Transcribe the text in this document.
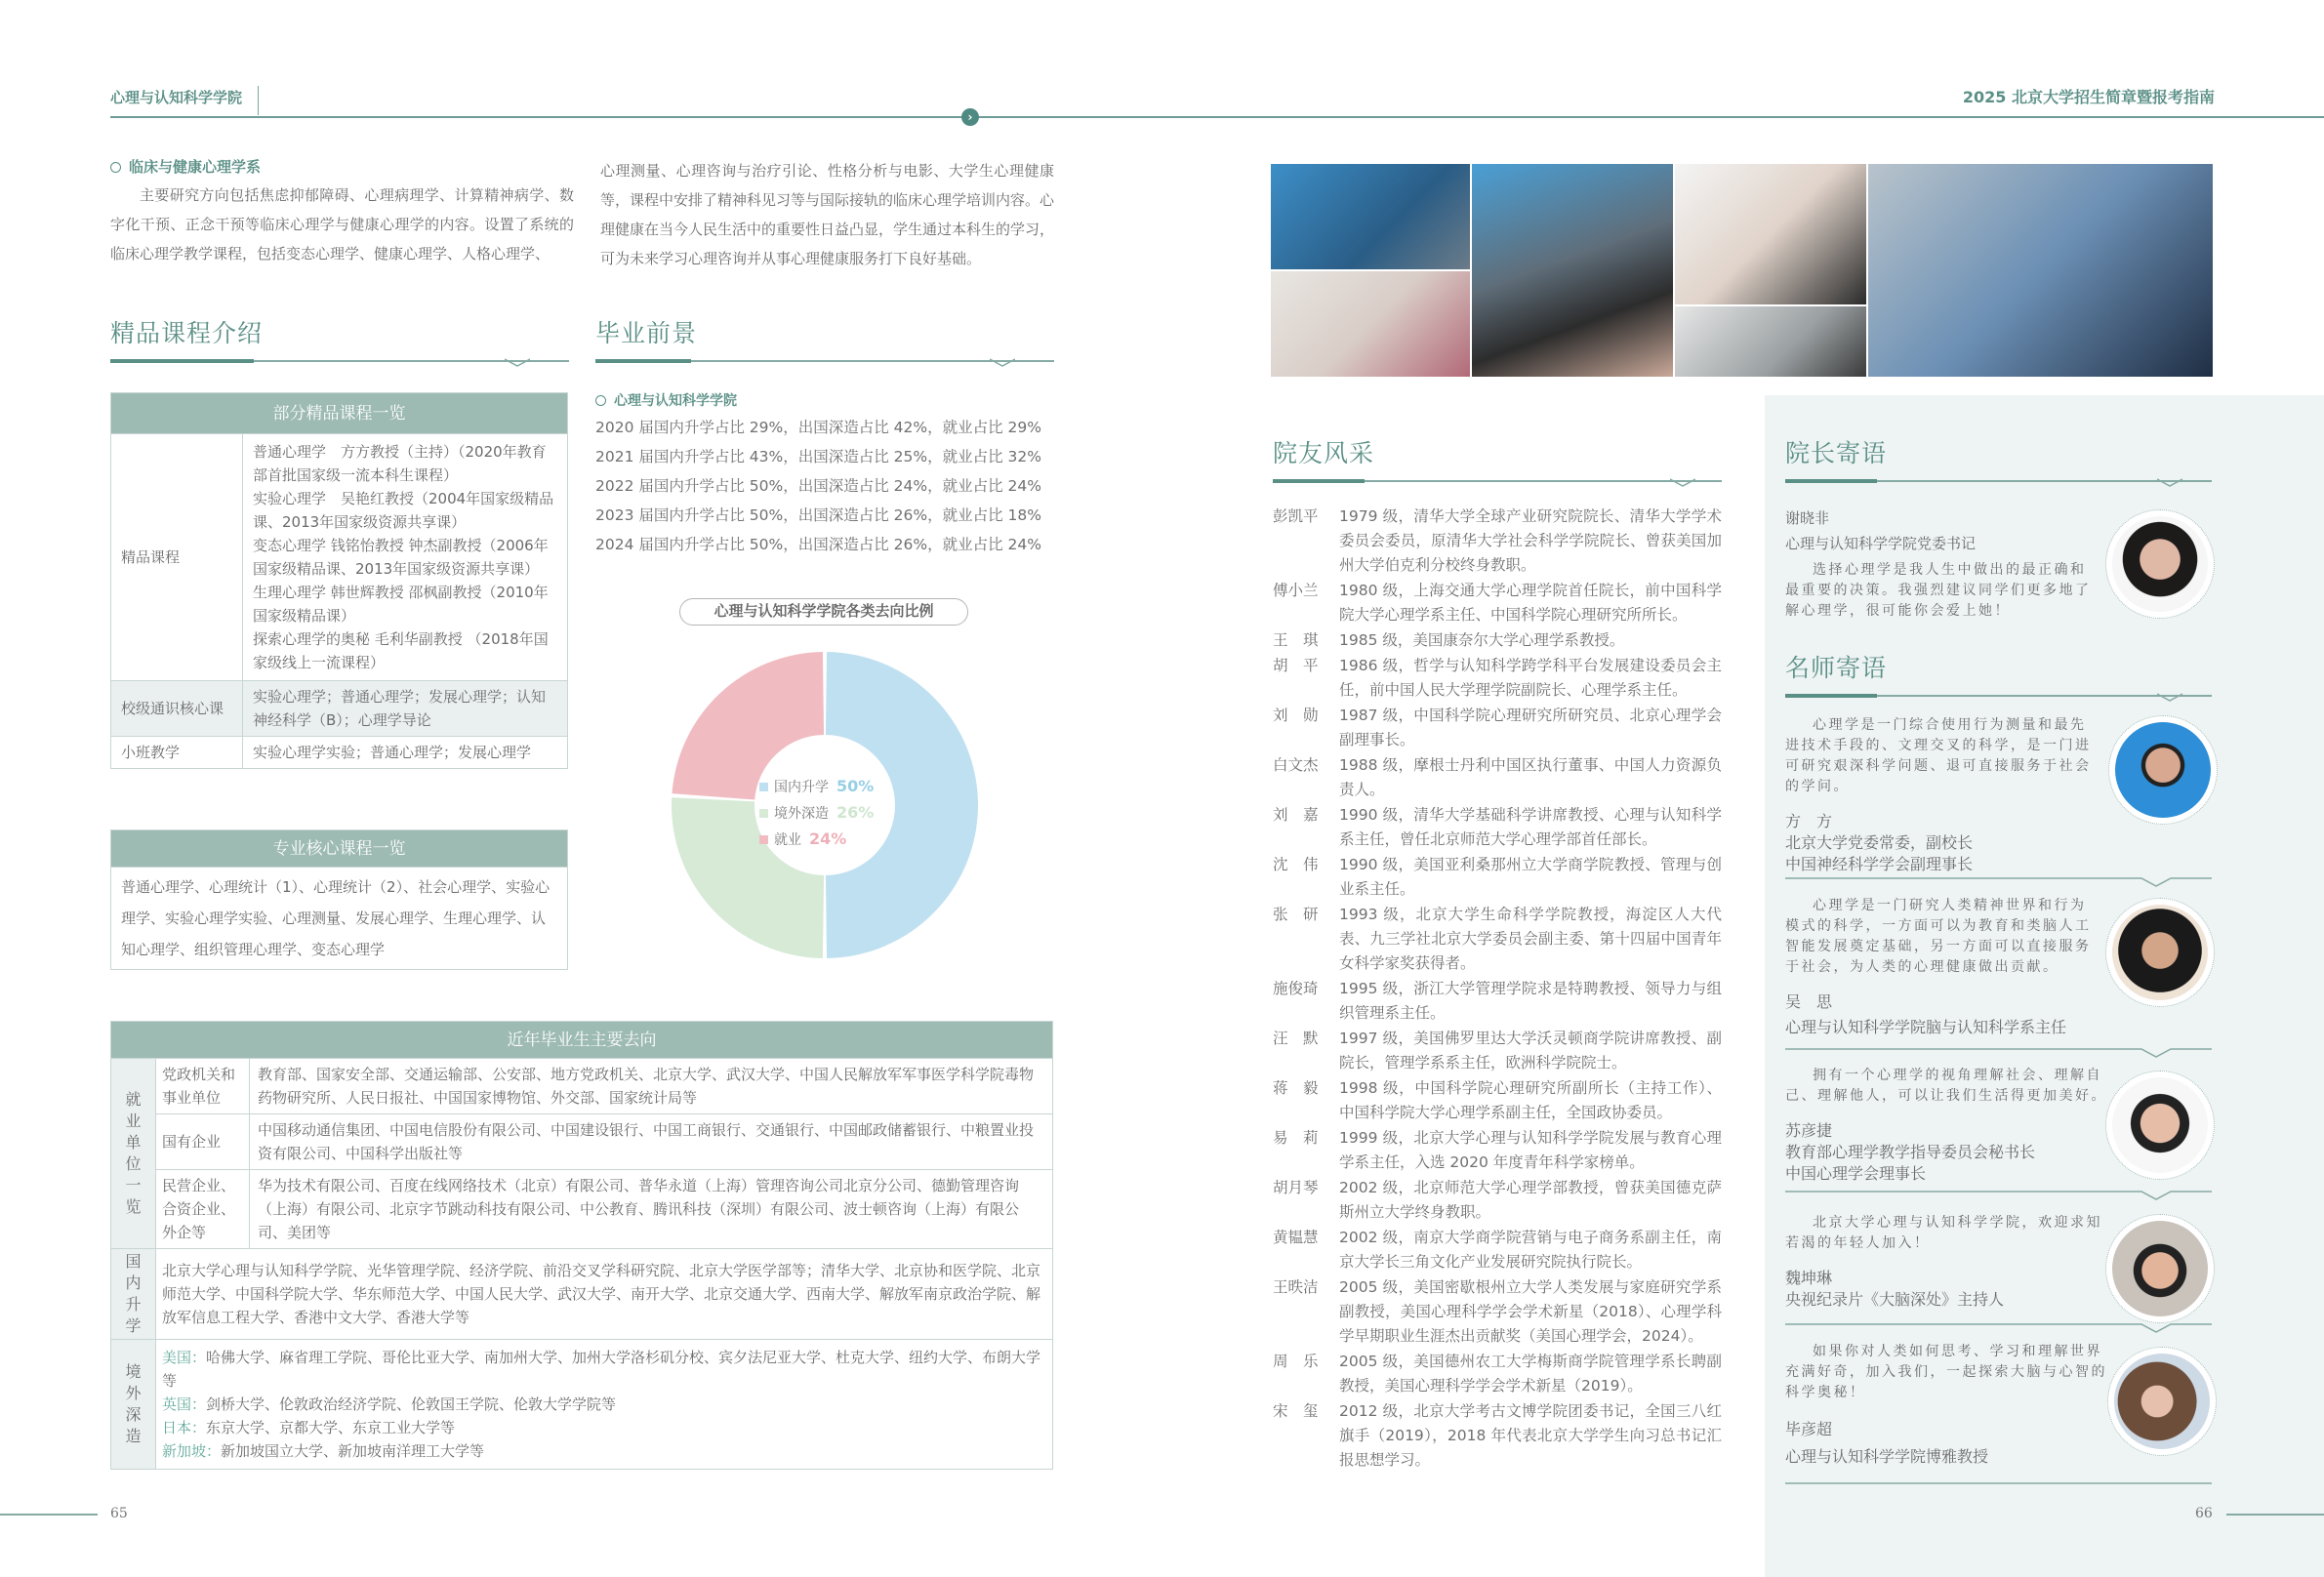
心理与认知科学学院	2025 北京大学招生简章暨报考指南
›
临床与健康心理学系

主要研究方向包括焦虑抑郁障碍、心理病理学、计算精神病学、数字化干预、正念干预等临床心理学与健康心理学的内容。设置了系统的临床心理学教学课程，包括变态心理学、健康心理学、人格心理学、

心理测量、心理咨询与治疗引论、性格分析与电影、大学生心理健康等，课程中安排了精神科见习等与国际接轨的临床心理学培训内容。心理健康在当今人民生活中的重要性日益凸显，学生通过本科生的学习，可为未来学习心理咨询并从事心理健康服务打下良好基础。

精品课程介绍
部分精品课程一览	
精品课程	普通心理学　方方教授（主持）（2020年教育部首批国家级一流本科生课程）
实验心理学　吴艳红教授（2004年国家级精品课、2013年国家级资源共享课）
变态心理学 钱铭怡教授 钟杰副教授（2006年国家级精品课、2013年国家级资源共享课）
生理心理学 韩世辉教授 邵枫副教授（2010年国家级精品课）
探索心理学的奥秘 毛利华副教授 （2018年国家级线上一流课程）

校级通识核心课	实验心理学；普通心理学；发展心理学；认知神经科学（B）；心理学导论
小班教学	实验心理学实验；普通心理学；发展心理学
专业核心课程一览
普通心理学、心理统计（1）、心理统计（2）、社会心理学、实验心理学、实验心理学实验、心理测量、发展心理学、生理心理学、认知心理学、组织管理心理学、变态心理学
毕业前景
心理与认知科学学院
2020 届国内升学占比 29%，出国深造占比 42%，就业占比 29%
2021 届国内升学占比 43%，出国深造占比 25%，就业占比 32%
2022 届国内升学占比 50%，出国深造占比 24%，就业占比 24%
2023 届国内升学占比 50%，出国深造占比 26%，就业占比 18%
2024 届国内升学占比 50%，出国深造占比 26%，就业占比 24%
心理与认知科学学院各类去向比例
国内升学 50%
境外深造 26%
就业 24%
近年毕业生主要去向		
就业单位一览	党政机关和事业单位	教育部、国家安全部、交通运输部、公安部、地方党政机关、北京大学、武汉大学、中国人民解放军军事医学科学院毒物药物研究所、人民日报社、中国国家博物馆、外交部、国家统计局等
	国有企业	中国移动通信集团、中国电信股份有限公司、中国建设银行、中国工商银行、交通银行、中国邮政储蓄银行、中粮置业投资有限公司、中国科学出版社等
	民营企业、合资企业、外企等	华为技术有限公司、百度在线网络技术（北京）有限公司、普华永道（上海）管理咨询公司北京分公司、德勤管理咨询（上海）有限公司、北京字节跳动科技有限公司、中公教育、腾讯科技（深圳）有限公司、波士顿咨询（上海）有限公司、美团等
国内升学	北京大学心理与认知科学学院、光华管理学院、经济学院、前沿交叉学科研究院、北京大学医学部等；清华大学、北京协和医学院、北京师范大学、中国科学院大学、华东师范大学、中国人民大学、武汉大学、南开大学、北京交通大学、西南大学、解放军南京政治学院、解放军信息工程大学、香港中文大学、香港大学等	
境外深造	美国：哈佛大学、麻省理工学院、哥伦比亚大学、南加州大学、加州大学洛杉矶分校、宾夕法尼亚大学、杜克大学、纽约大学、布朗大学等
英国：剑桥大学、伦敦政治经济学院、伦敦国王学院、伦敦大学学院等
日本：东京大学、京都大学、东京工业大学等
新加坡：新加坡国立大学、新加坡南洋理工大学等	
院友风采
彭凯平	1979 级，清华大学全球产业研究院院长、清华大学学术委员会委员，原清华大学社会科学学院院长、曾获美国加州大学伯克利分校终身教职。
傅小兰	1980 级，上海交通大学心理学院首任院长，前中国科学院大学心理学系主任、中国科学院心理研究所所长。
王　琪	1985 级，美国康奈尔大学心理学系教授。
胡　平	1986 级，哲学与认知科学跨学科平台发展建设委员会主任，前中国人民大学理学院副院长、心理学系主任。
刘　勋	1987 级，中国科学院心理研究所研究员、北京心理学会副理事长。
白文杰	1988 级，摩根士丹利中国区执行董事、中国人力资源负责人。
刘　嘉	1990 级，清华大学基础科学讲席教授、心理与认知科学系主任，曾任北京师范大学心理学部首任部长。
沈　伟	1990 级，美国亚利桑那州立大学商学院教授、管理与创业系主任。
张　研	1993 级，北京大学生命科学学院教授，海淀区人大代表、九三学社北京大学委员会副主委、第十四届中国青年女科学家奖获得者。
施俊琦	1995 级，浙江大学管理学院求是特聘教授、领导力与组织管理系主任。
汪　默	1997 级，美国佛罗里达大学沃灵顿商学院讲席教授、副院长，管理学系系主任，欧洲科学院院士。
蒋　毅	1998 级，中国科学院心理研究所副所长（主持工作）、中国科学院大学心理学系副主任，全国政协委员。
易　莉	1999 级，北京大学心理与认知科学学院发展与教育心理学系主任，入选 2020 年度青年科学家榜单。
胡月琴	2002 级，北京师范大学心理学部教授，曾获美国德克萨斯州立大学终身教职。
黄韫慧	2002 级，南京大学商学院营销与电子商务系副主任，南京大学长三角文化产业发展研究院执行院长。
王昳洁	2005 级，美国密歇根州立大学人类发展与家庭研究学系副教授，美国心理科学学会学术新星（2018）、心理学科学早期职业生涯杰出贡献奖（美国心理学会，2024）。
周　乐	2005 级，美国德州农工大学梅斯商学院管理学系长聘副教授，美国心理科学学会学术新星（2019）。
宋　玺	2012 级，北京大学考古文博学院团委书记，全国三八红旗手（2019），2018 年代表北京大学学生向习总书记汇报思想学习。
院长寄语
谢晓非
心理与认知科学学院党委书记

选择心理学是我人生中做出的最正确和最重要的决策。我强烈建议同学们更多地了解心理学，很可能你会爱上她！

名师寄语

心理学是一门综合使用行为测量和最先进技术手段的、文理交叉的科学，是一门进可研究艰深科学问题、退可直接服务于社会的学问。

方　方
北京大学党委常委，副校长
中国神经科学学会副理事长

心理学是一门研究人类精神世界和行为模式的科学，一方面可以为教育和类脑人工智能发展奠定基础，另一方面可以直接服务于社会，为人类的心理健康做出贡献。

吴　思
心理与认知科学学院脑与认知科学系主任

拥有一个心理学的视角理解社会、理解自己、理解他人，可以让我们生活得更加美好。

苏彦捷
教育部心理学教学指导委员会秘书长
中国心理学会理事长

北京大学心理与认知科学学院，欢迎求知若渴的年轻人加入！

魏坤琳
央视纪录片《大脑深处》主持人

如果你对人类如何思考、学习和理解世界充满好奇，加入我们，一起探索大脑与心智的科学奥秘！

毕彦超
心理与认知科学学院博雅教授
65	66
